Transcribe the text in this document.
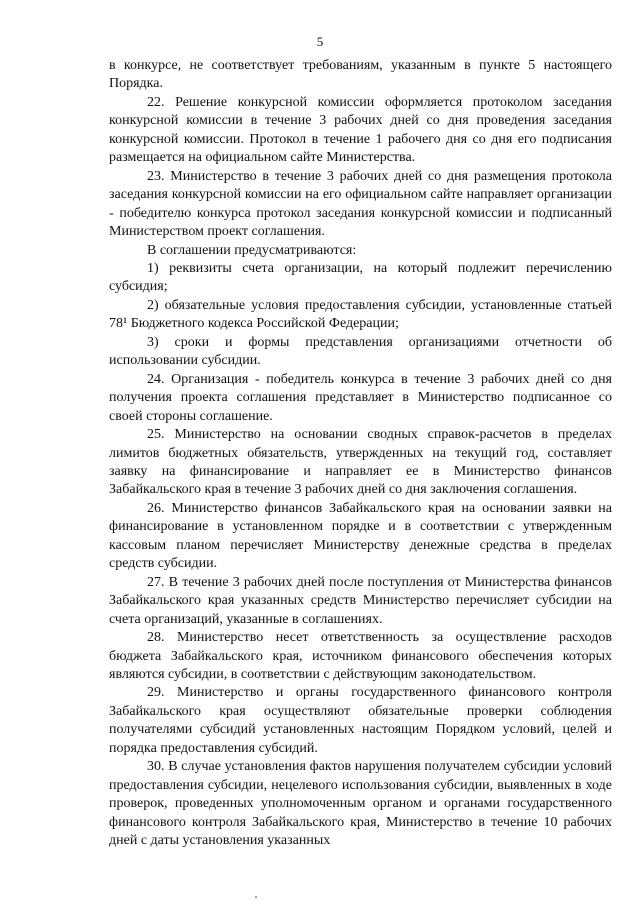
5

в конкурсе, не соответствует требованиям, указанным в пункте 5 настоящего Порядка.

22. Решение конкурсной комиссии оформляется протоколом заседания конкурсной комиссии в течение 3 рабочих дней со дня проведения заседания конкурсной комиссии. Протокол в течение 1 рабочего дня со дня его подписания размещается на официальном сайте Министерства.

23. Министерство в течение 3 рабочих дней со дня размещения протокола заседания конкурсной комиссии на его официальном сайте направляет организации - победителю конкурса протокол заседания конкурсной комиссии и подписанный Министерством проект соглашения.

В соглашении предусматриваются:

1) реквизиты счета организации, на который подлежит перечислению субсидия;

2) обязательные условия предоставления субсидии, установленные статьей 78¹ Бюджетного кодекса Российской Федерации;

3) сроки и формы представления организациями отчетности об использовании субсидии.

24. Организация - победитель конкурса в течение 3 рабочих дней со дня получения проекта соглашения представляет в Министерство подписанное со своей стороны соглашение.

25. Министерство на основании сводных справок-расчетов в пределах лимитов бюджетных обязательств, утвержденных на текущий год, составляет заявку на финансирование и направляет ее в Министерство финансов Забайкальского края в течение 3 рабочих дней со дня заключения соглашения.

26. Министерство финансов Забайкальского края на основании заявки на финансирование в установленном порядке и в соответствии с утвержденным кассовым планом перечисляет Министерству денежные средства в пределах средств субсидии.

27. В течение 3 рабочих дней после поступления от Министерства финансов Забайкальского края указанных средств Министерство перечисляет субсидии на счета организаций, указанные в соглашениях.

28. Министерство несет ответственность за осуществление расходов бюджета Забайкальского края, источником финансового обеспечения которых являются субсидии, в соответствии с действующим законодательством.

29. Министерство и органы государственного финансового контроля Забайкальского края осуществляют обязательные проверки соблюдения получателями субсидий установленных настоящим Порядком условий, целей и порядка предоставления субсидий.

30. В случае установления фактов нарушения получателем субсидии условий предоставления субсидии, нецелевого использования субсидии, выявленных в ходе проверок, проведенных уполномоченным органом и органами государственного финансового контроля Забайкальского края, Министерство в течение 10 рабочих дней с даты установления указанных
